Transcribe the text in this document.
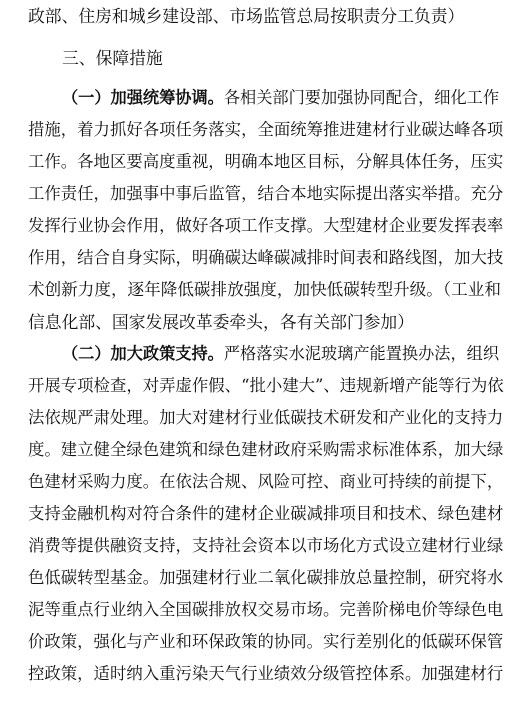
政部、住房和城乡建设部、市场监管总局按职责分工负责）
三、保障措施
（一）加强统筹协调。各相关部门要加强协同配合，细化工作
措施，着力抓好各项任务落实，全面统筹推进建材行业碳达峰各项
工作。各地区要高度重视，明确本地区目标，分解具体任务，压实
工作责任，加强事中事后监管，结合本地实际提出落实举措。充分
发挥行业协会作用，做好各项工作支撑。大型建材企业要发挥表率
作用，结合自身实际，明确碳达峰碳减排时间表和路线图，加大技
术创新力度，逐年降低碳排放强度，加快低碳转型升级。（工业和
信息化部、国家发展改革委牵头，各有关部门参加）
（二）加大政策支持。严格落实水泥玻璃产能置换办法，组织
开展专项检查，对弄虚作假、“批小建大”、违规新增产能等行为依
法依规严肃处理。加大对建材行业低碳技术研发和产业化的支持力
度。建立健全绿色建筑和绿色建材政府采购需求标准体系，加大绿
色建材采购力度。在依法合规、风险可控、商业可持续的前提下，
支持金融机构对符合条件的建材企业碳减排项目和技术、绿色建材
消费等提供融资支持，支持社会资本以市场化方式设立建材行业绿
色低碳转型基金。加强建材行业二氧化碳排放总量控制，研究将水
泥等重点行业纳入全国碳排放权交易市场。完善阶梯电价等绿色电
价政策，强化与产业和环保政策的协同。实行差别化的低碳环保管
控政策，适时纳入重污染天气行业绩效分级管控体系。加强建材行
